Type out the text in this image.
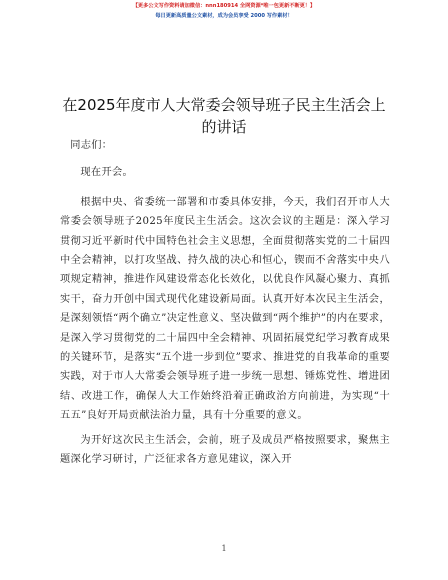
【更多公文写作资料请加微信：nnn180914 全网资源*唯一包更新不断更！】
每日更新高质量公文素材，成为会员享受 2000 写作素材！
在2025年度市人大常委会领导班子民主生活会上的讲话

同志们：

现在开会。

根据中央、省委统一部署和市委具体安排，今天，我们召开市人大常委会领导班子2025年度民主生活会。这次会议的主题是：深入学习贯彻习近平新时代中国特色社会主义思想，全面贯彻落实党的二十届四中全会精神，以打攻坚战、持久战的决心和恒心，锲而不舍落实中央八项规定精神，推进作风建设常态化长效化，以优良作风凝心聚力、真抓实干，奋力开创中国式现代化建设新局面。认真开好本次民主生活会，是深刻领悟“两个确立”决定性意义、坚决做到“两个维护”的内在要求，是深入学习贯彻党的二十届四中全会精神、巩固拓展党纪学习教育成果的关键环节，是落实“五个进一步到位”要求、推进党的自我革命的重要实践，对于市人大常委会领导班子进一步统一思想、锤炼党性、增进团结、改进工作，确保人大工作始终沿着正确政治方向前进，为实现“十五五”良好开局贡献法治力量，具有十分重要的意义。

为开好这次民主生活会，会前，班子及成员严格按照要求，聚焦主题深化学习研讨，广泛征求各方意见建议，深入开

1
